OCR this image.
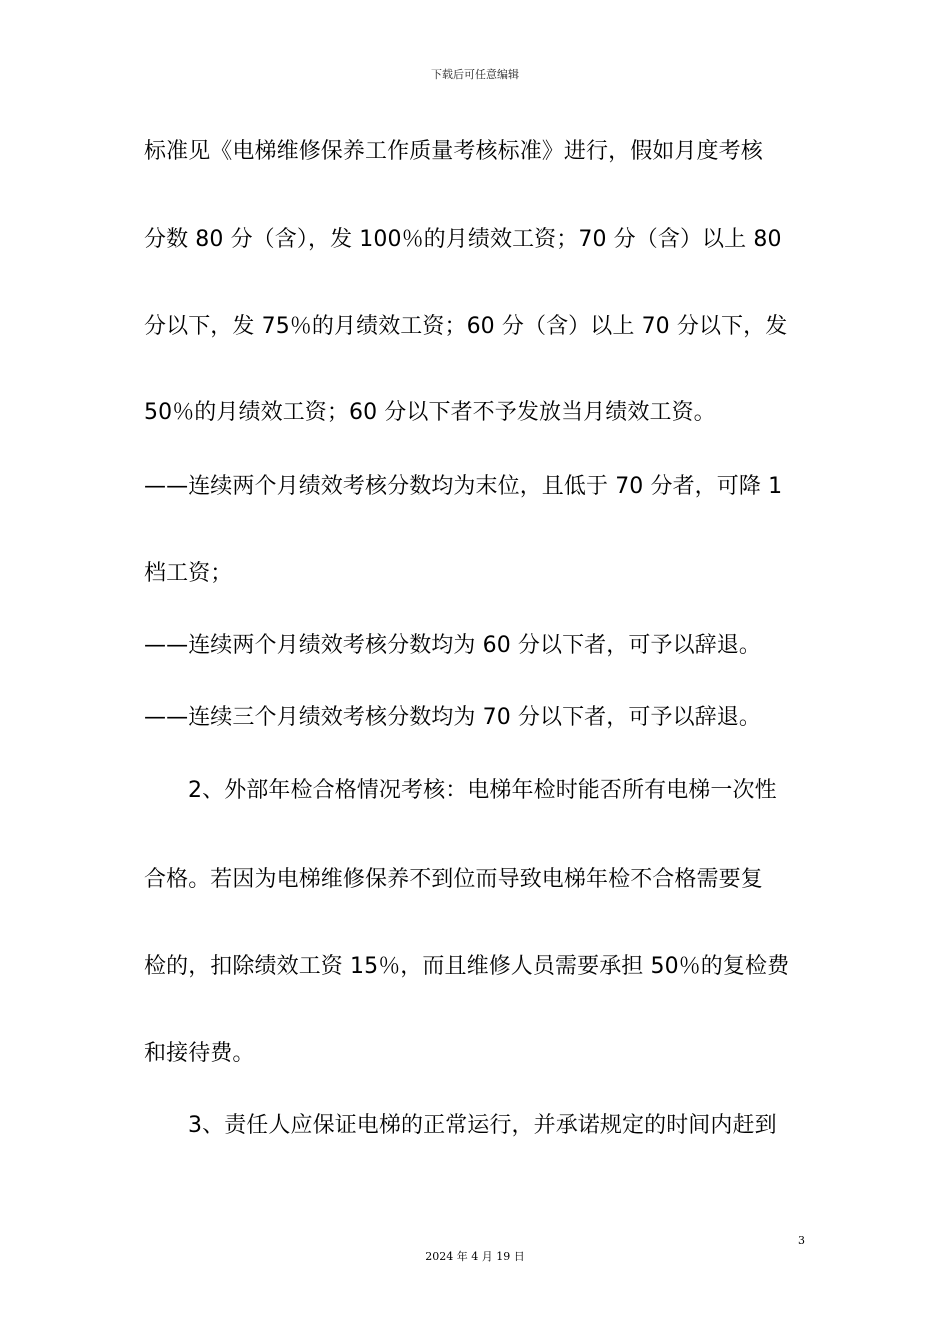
下载后可任意编辑
标准见《电梯维修保养工作质量考核标准》进行，假如月度考核
分数 80 分（含），发 100％的月绩效工资；70 分（含）以上 80
分以下，发 75％的月绩效工资；60 分（含）以上 70 分以下，发
50％的月绩效工资；60 分以下者不予发放当月绩效工资。
——连续两个月绩效考核分数均为末位，且低于 70 分者，可降 1
档工资；
——连续两个月绩效考核分数均为 60 分以下者，可予以辞退。
——连续三个月绩效考核分数均为 70 分以下者，可予以辞退。
2、外部年检合格情况考核：电梯年检时能否所有电梯一次性
合格。若因为电梯维修保养不到位而导致电梯年检不合格需要复
检的，扣除绩效工资 15％，而且维修人员需要承担 50％的复检费
和接待费。
3、责任人应保证电梯的正常运行，并承诺规定的时间内赶到
3
2024 年 4 月 19 日
